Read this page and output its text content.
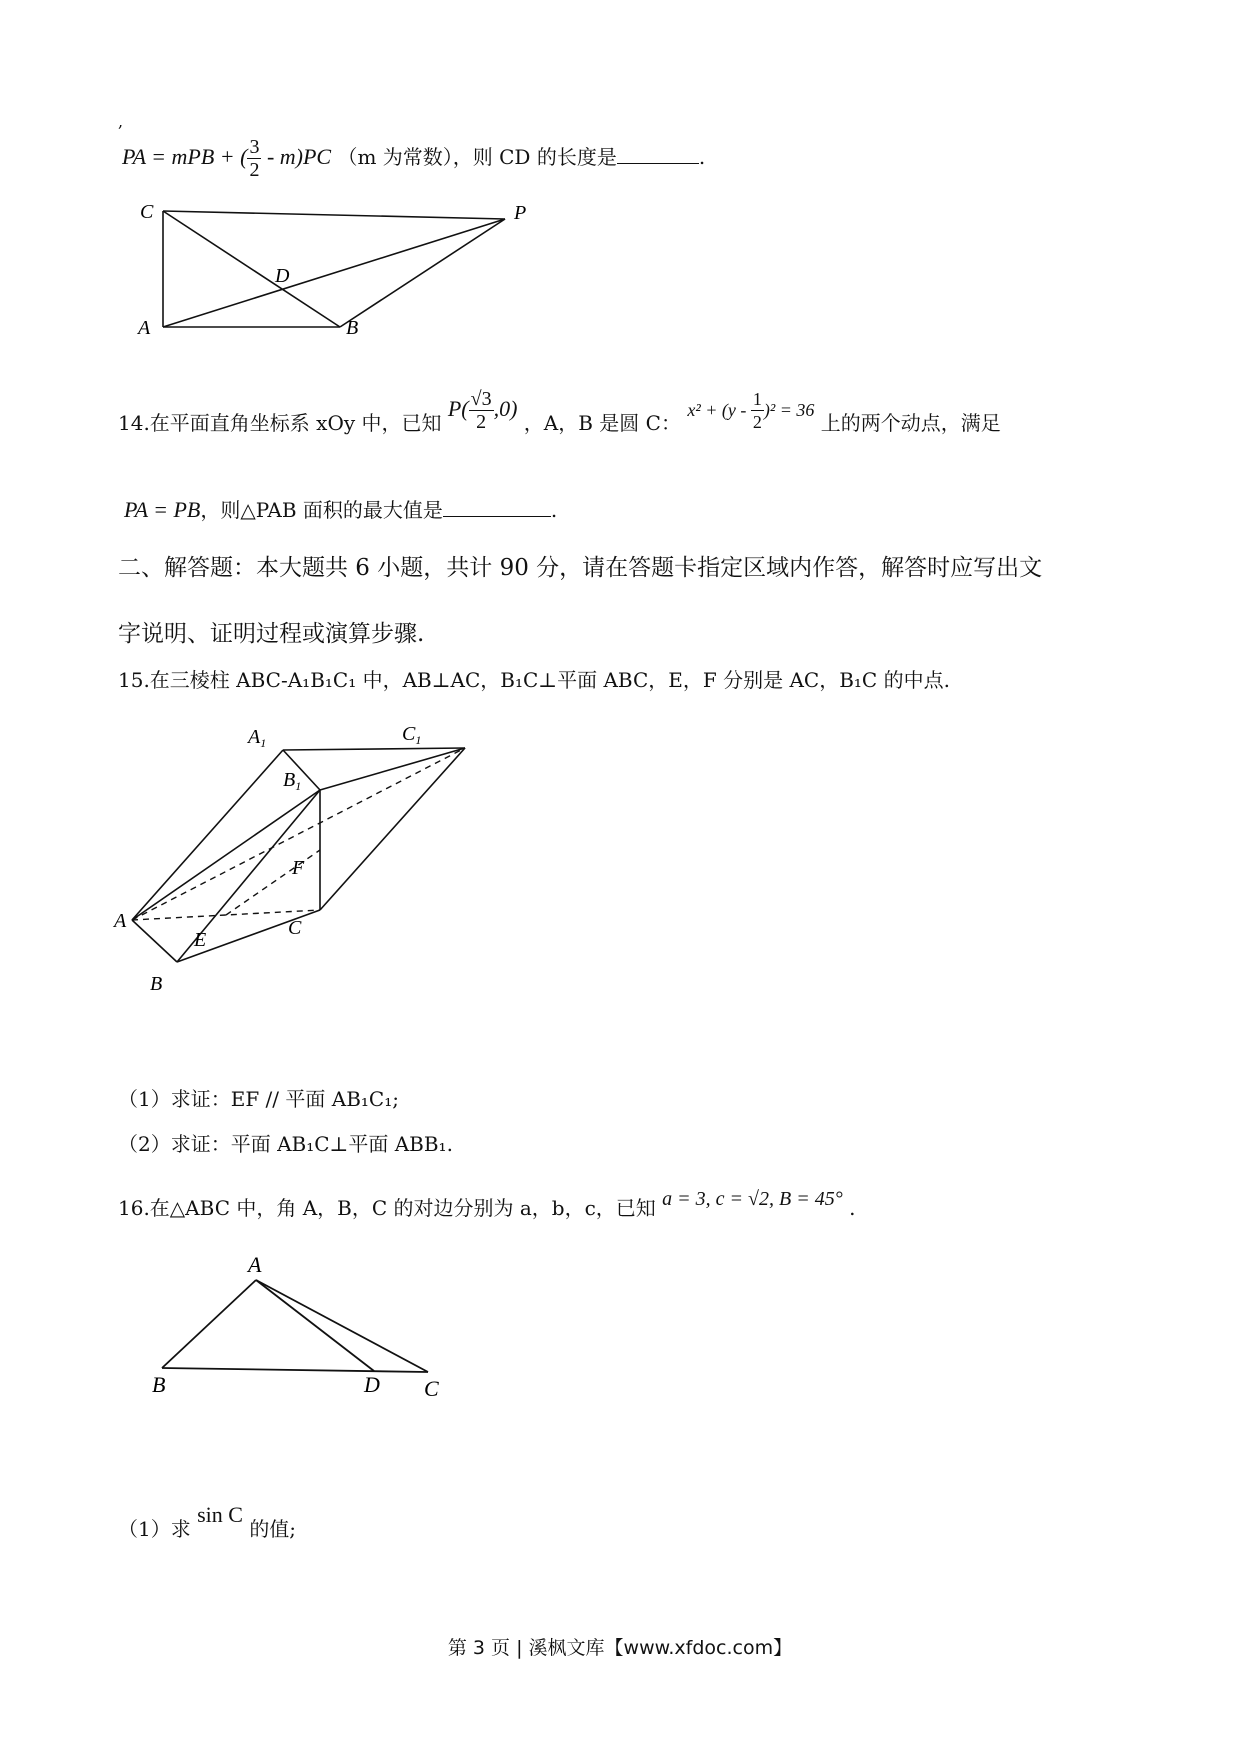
,
PA = mPB + ( $\frac{3}{2} - m)PC$ （m 为常数），则 CD 的长度是	.
C	P
D
A	B
14.在平面直角坐标系 xOy 中，已知 $P( \frac{√3}{2} ,0)$ ，A，B 是圆 C： $x^2 + (y - \frac{1}{2} )^2 = 36$ 上的两个动点，满足
PA = PB，则△PAB 面积的最大值是	.
二、解答题：本大题共 6 小题，共计 90 分，请在答题卡指定区域内作答，解答时应写出文
字说明、证明过程或演算步骤.
15.在三棱柱 ABC-A₁B₁C₁ 中，AB⊥AC，B₁C⊥平面 ABC，E，F 分别是 AC，B₁C 的中点.
$A_1$	$C_1$
$B_1$
F
A
E
C
B
（1）求证：EF // 平面 AB₁C₁;
（2）求证：平面 AB₁C⊥平面 ABB₁.
16.在△ABC 中，角 A，B，C 的对边分别为 a，b，c，已知 a = 3, c = √2, B = 45° .
A
B	D C
（1）求 sin C 的值;
第 3 页 | 溪枫文库【www.xfdoc.com】
